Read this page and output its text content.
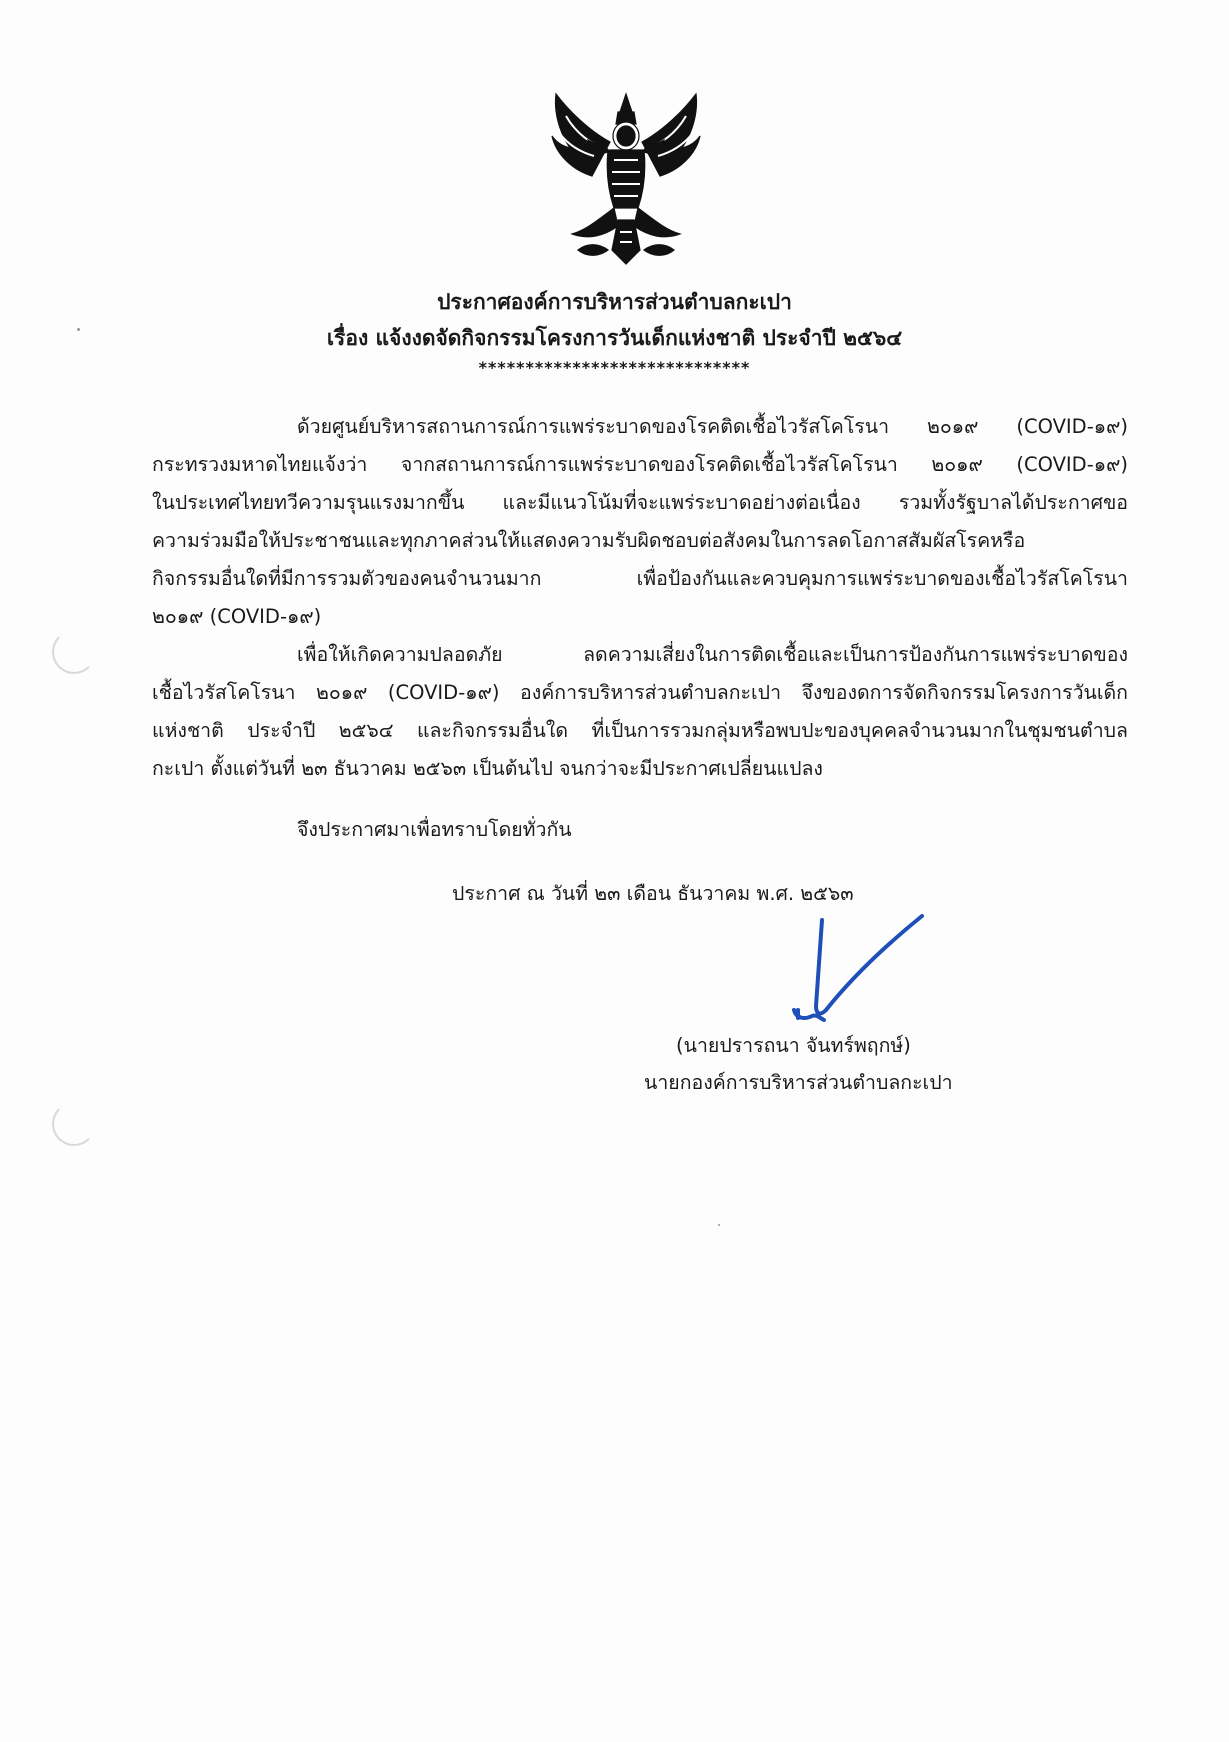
ประกาศองค์การบริหารส่วนตำบลกะเปา
เรื่อง แจ้งงดจัดกิจกรรมโครงการวันเด็กแห่งชาติ ประจำปี ๒๕๖๔
*****************************
ด้วยศูนย์บริหารสถานการณ์การแพร่ระบาดของโรคติดเชื้อไวรัสโคโรนา ๒๐๑๙ (COVID-๑๙)
กระทรวงมหาดไทยแจ้งว่า จากสถานการณ์การแพร่ระบาดของโรคติดเชื้อไวรัสโคโรนา ๒๐๑๙ (COVID-๑๙)
ในประเทศไทยทวีความรุนแรงมากขึ้น และมีแนวโน้มที่จะแพร่ระบาดอย่างต่อเนื่อง รวมทั้งรัฐบาลได้ประกาศขอ
ความร่วมมือให้ประชาชนและทุกภาคส่วนให้แสดงความรับผิดชอบต่อสังคมในการลดโอกาสสัมผัสโรคหรือ
กิจกรรมอื่นใดที่มีการรวมตัวของคนจำนวนมาก เพื่อป้องกันและควบคุมการแพร่ระบาดของเชื้อไวรัสโคโรนา
๒๐๑๙ (COVID-๑๙)
เพื่อให้เกิดความปลอดภัย ลดความเสี่ยงในการติดเชื้อและเป็นการป้องกันการแพร่ระบาดของ
เชื้อไวรัสโคโรนา ๒๐๑๙ (COVID-๑๙) องค์การบริหารส่วนตำบลกะเปา จึงของดการจัดกิจกรรมโครงการวันเด็ก
แห่งชาติ ประจำปี ๒๕๖๔ และกิจกรรมอื่นใด ที่เป็นการรวมกลุ่มหรือพบปะของบุคคลจำนวนมากในชุมชนตำบล
กะเปา ตั้งแต่วันที่ ๒๓ ธันวาคม ๒๕๖๓ เป็นต้นไป จนกว่าจะมีประกาศเปลี่ยนแปลง
จึงประกาศมาเพื่อทราบโดยทั่วกัน
ประกาศ ณ วันที่ ๒๓ เดือน ธันวาคม พ.ศ. ๒๕๖๓
(นายปรารถนา จันทร์พฤกษ์)
นายกองค์การบริหารส่วนตำบลกะเปา
